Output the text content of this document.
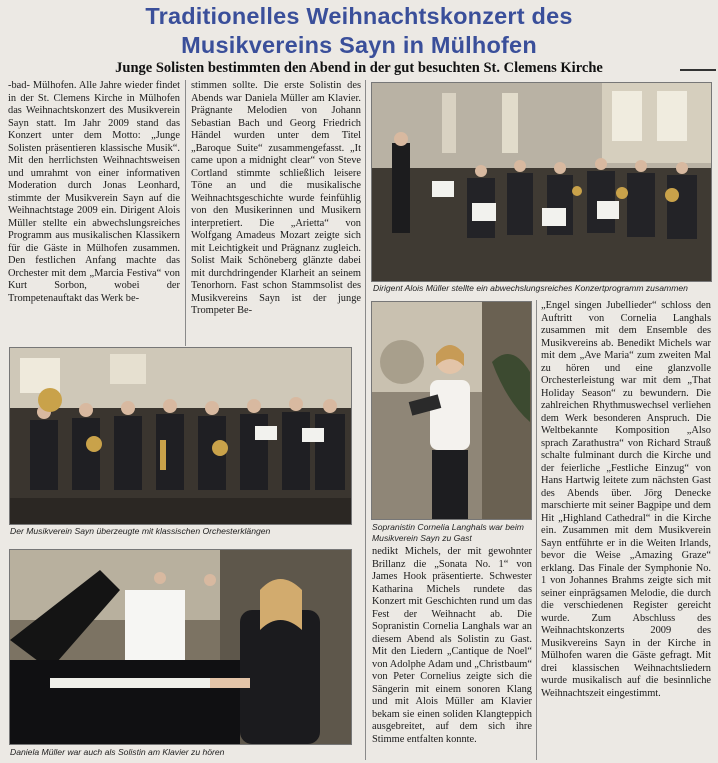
Traditionelles Weihnachtskonzert des
Musikvereins Sayn in Mülhofen
Junge Solisten bestimmten den Abend in der gut besuchten St. Clemens Kirche

-bad- Mülhofen. Alle Jahre wieder findet in der St. Clemens Kirche in Mülhofen das Weihnachtskonzert des Musikverein Sayn statt. Im Jahr 2009 stand das Konzert unter dem Motto: „Junge Solisten präsentieren klassische Musik“. Mit den herrlichsten Weihnachtsweisen und umrahmt von einer informativen Moderation durch Jonas Leonhard, stimmte der Musikverein Sayn auf die Weihnachtstage 2009 ein. Dirigent Alois Müller stellte ein abwechslungsreiches Programm aus musikalischen Klassikern für die Gäste in Mülhofen zusammen. Den festlichen Anfang machte das Orchester mit dem „Marcia Festiva“ von Kurt Sorbon, wobei der Trompetenauftakt das Werk be-

stimmen sollte. Die erste Solistin des Abends war Daniela Müller am Klavier. Prägnante Melodien von Johann Sebastian Bach und Georg Friedrich Händel wurden unter dem Titel „Baroque Suite“ zusammengefasst. „It came upon a midnight clear“ von Steve Cortland stimmte schließlich leisere Töne an und die musikalische Weihnachtsgeschichte wurde feinfühlig von den Musikerinnen und Musikern interpretiert. Die „Arietta“ von Wolfgang Amadeus Mozart zeigte sich mit Leichtigkeit und Prägnanz zugleich. Solist Maik Schöneberg glänzte dabei mit durchdringender Klarheit an seinem Tenorhorn. Fast schon Stammsolist des Musikvereins Sayn ist der junge Trompeter Be-

Dirigent Alois Müller stellte ein abwechslungsreiches Konzertprogramm zusammen
Der Musikverein Sayn überzeugte mit klassischen Orchesterklängen	Sopranistin Cornelia Langhals war beim Musikverein Sayn zu Gast
Daniela Müller war auch als Solistin am Klavier zu hören

nedikt Michels, der mit gewohnter Brillanz die „Sonata No. 1“ von James Hook präsentierte. Schwester Katharina Michels rundete das Konzert mit Geschichten rund um das Fest der Weihnacht ab. Die Sopranistin Cornelia Langhals war an diesem Abend als Solistin zu Gast. Mit den Liedern „Cantique de Noel“ von Adolphe Adam und „Christbaum“ von Peter Cornelius zeigte sich die Sängerin mit einem sonoren Klang und mit Alois Müller am Klavier bekam sie einen soliden Klangteppich ausgebreitet, auf dem sich ihre Stimme entfalten konnte.

„Engel singen Jubellieder“ schloss den Auftritt von Cornelia Langhals zusammen mit dem Ensemble des Musikvereins ab. Benedikt Michels war mit dem „Ave Maria“ zum zweiten Mal zu hören und eine glanzvolle Orchesterleistung war mit dem „That Holiday Season“ zu bewundern. Die zahlreichen Rhythmuswechsel verliehen dem Werk besonderen Anspruch. Die Weltbekannte Komposition „Also sprach Zarathustra“ von Richard Strauß schalte fulminant durch die Kirche und der feierliche „Festliche Einzug“ von Hans Hartwig leitete zum nächsten Gast des Abends über. Jörg Denecke marschierte mit seiner Bagpipe und dem Hit „Highland Cathedral“ in die Kirche ein. Zusammen mit dem Musikverein Sayn entführte er in die Weiten Irlands, bevor die Weise „Amazing Graze“ erklang. Das Finale der Symphonie No. 1 von Johannes Brahms zeigte sich mit seiner einprägsamen Melodie, die durch die verschiedenen Register gereicht wurde. Zum Abschluss des Weihnachtskonzerts 2009 des Musikvereins Sayn in der Kirche in Mülhofen waren die Gäste gefragt. Mit drei klassischen Weihnachtsliedern wurde musikalisch auf die besinnliche Weihnachtszeit eingestimmt.
